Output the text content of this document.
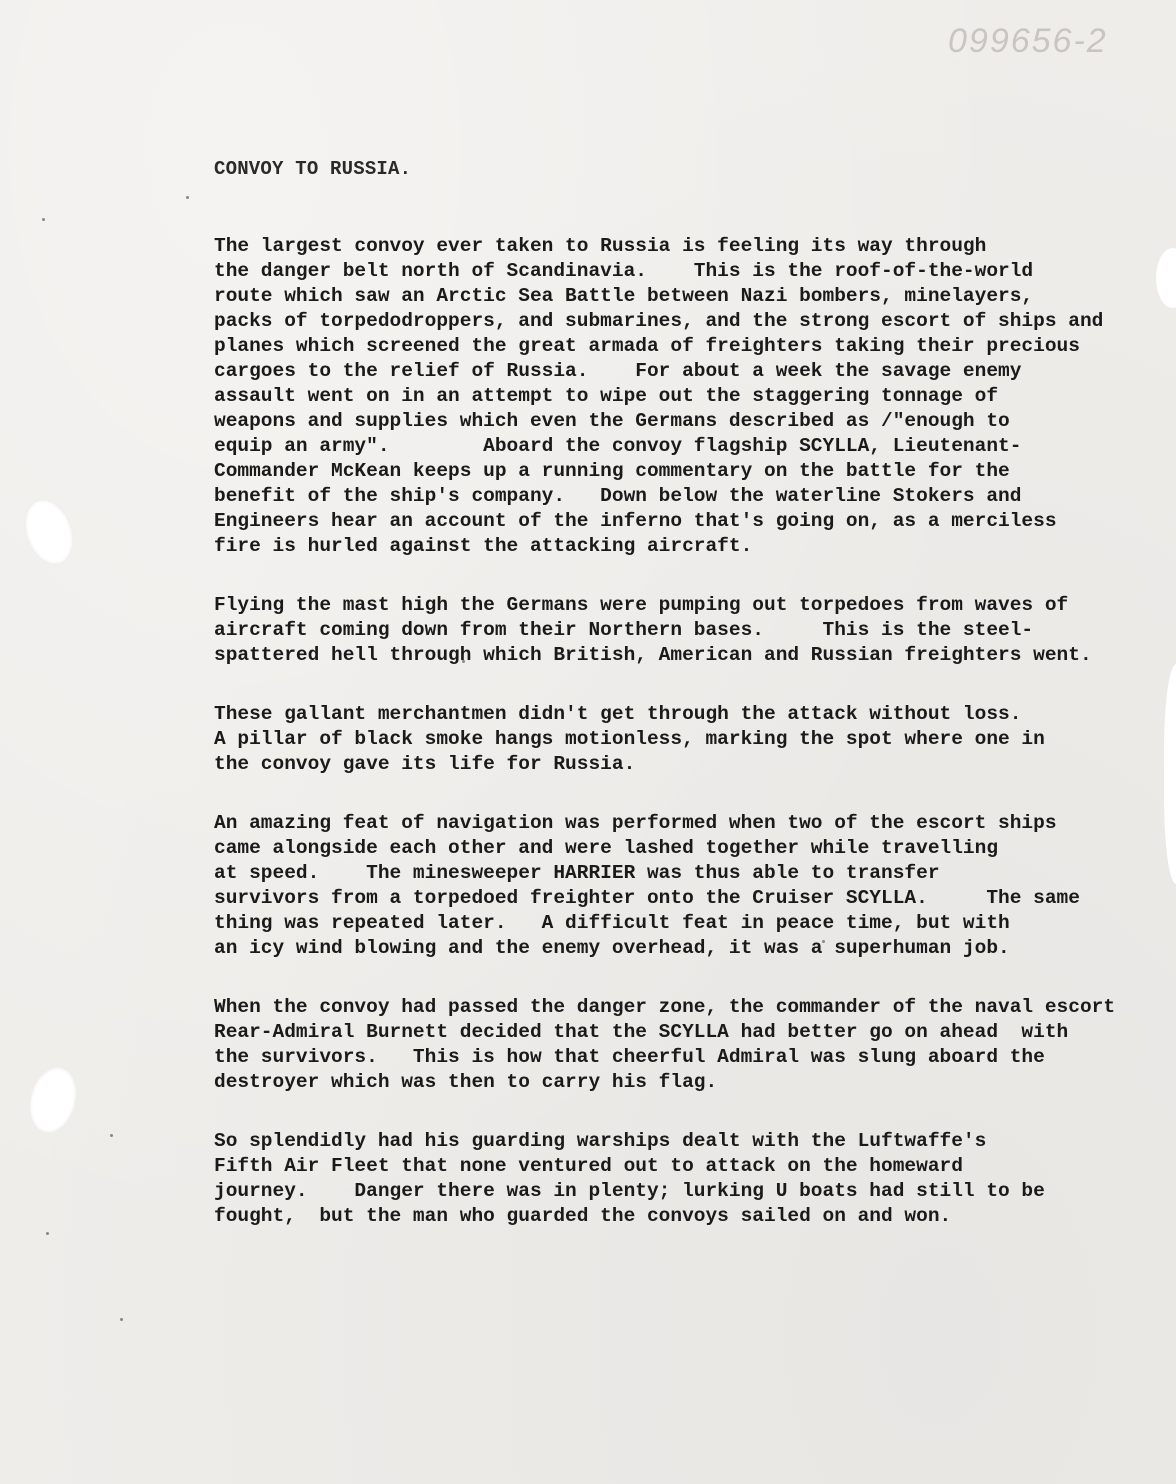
099656-2
CONVOY TO RUSSIA.
The largest convoy ever taken to Russia is feeling its way through
the danger belt north of Scandinavia.    This is the roof-of-the-world
route which saw an Arctic Sea Battle between Nazi bombers, minelayers,
packs of torpedodroppers, and submarines, and the strong escort of ships and
planes which screened the great armada of freighters taking their precious
cargoes to the relief of Russia.    For about a week the savage enemy
assault went on in an attempt to wipe out the staggering tonnage of
weapons and supplies which even the Germans described as /"enough to
equip an army".        Aboard the convoy flagship SCYLLA, Lieutenant-
Commander McKean keeps up a running commentary on the battle for the
benefit of the ship's company.   Down below the waterline Stokers and
Engineers hear an account of the inferno that's going on, as a merciless
fire is hurled against the attacking aircraft.
Flying the mast high the Germans were pumping out torpedoes from waves of
aircraft coming down from their Northern bases.     This is the steel-
spattered hell through which British, American and Russian freighters went.
These gallant merchantmen didn't get through the attack without loss.
A pillar of black smoke hangs motionless, marking the spot where one in
the convoy gave its life for Russia.
An amazing feat of navigation was performed when two of the escort ships
came alongside each other and were lashed together while travelling
at speed.    The minesweeper HARRIER was thus able to transfer
survivors from a torpedoed freighter onto the Cruiser SCYLLA.     The same
thing was repeated later.   A difficult feat in peace time, but with
an icy wind blowing and the enemy overhead, it was a superhuman job.
When the convoy had passed the danger zone, the commander of the naval escort
Rear-Admiral Burnett decided that the SCYLLA had better go on ahead  with
the survivors.   This is how that cheerful Admiral was slung aboard the
destroyer which was then to carry his flag.
So splendidly had his guarding warships dealt with the Luftwaffe's
Fifth Air Fleet that none ventured out to attack on the homeward
journey.    Danger there was in plenty; lurking U boats had still to be
fought,  but the man who guarded the convoys sailed on and won.
